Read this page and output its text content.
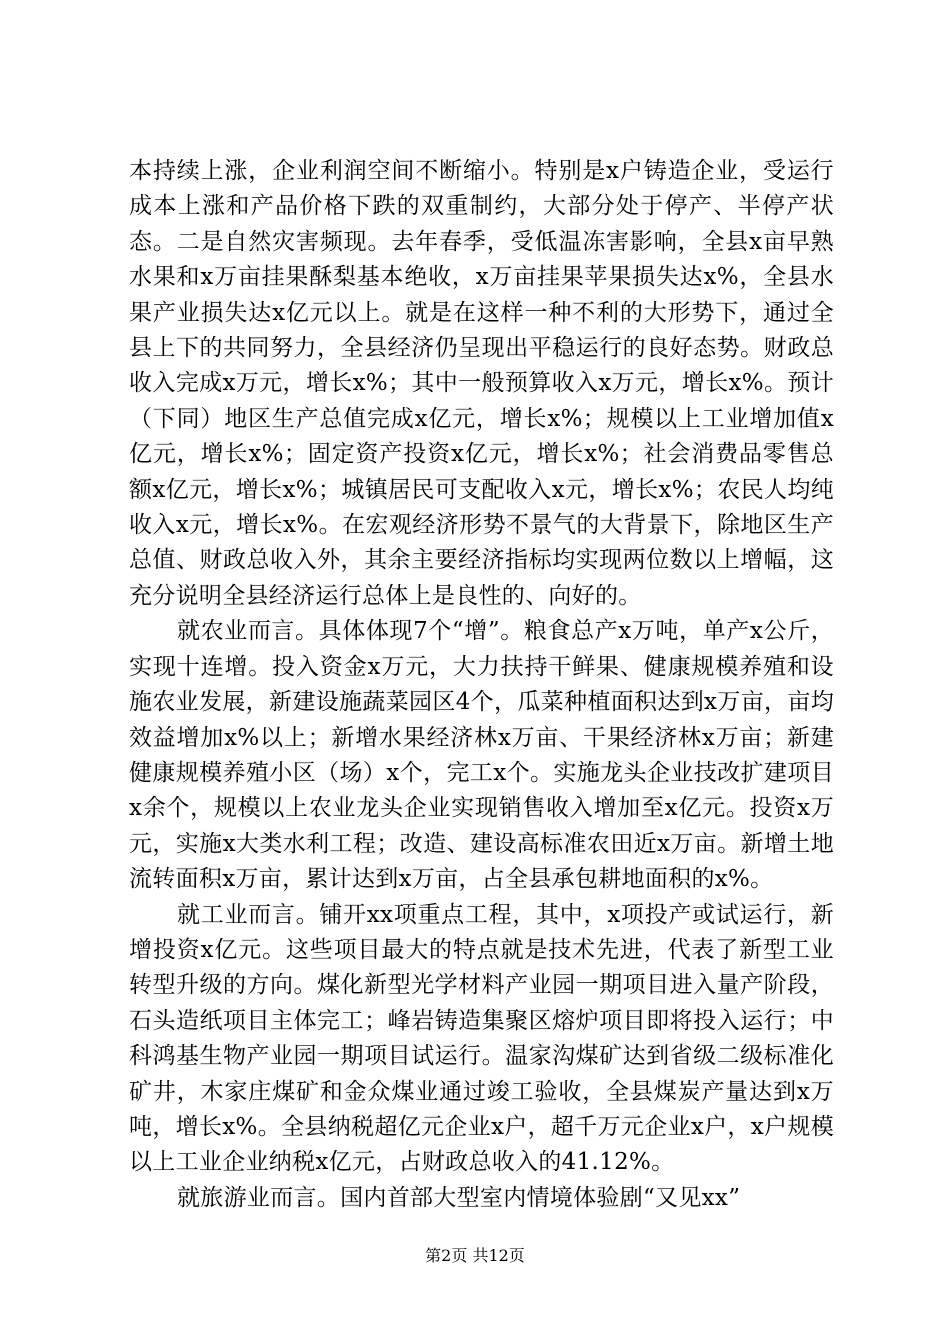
本持续上涨，企业利润空间不断缩小。特别是x户铸造企业，受运行成本上涨和产品价格下跌的双重制约，大部分处于停产、半停产状态。二是自然灾害频现。去年春季，受低温冻害影响，全县x亩早熟水果和x万亩挂果酥梨基本绝收，x万亩挂果苹果损失达x%，全县水果产业损失达x亿元以上。就是在这样一种不利的大形势下，通过全县上下的共同努力，全县经济仍呈现出平稳运行的良好态势。财政总收入完成x万元，增长x%；其中一般预算收入x万元，增长x%。预计（下同）地区生产总值完成x亿元，增长x%；规模以上工业增加值x亿元，增长x%；固定资产投资x亿元，增长x%；社会消费品零售总额x亿元，增长x%；城镇居民可支配收入x元，增长x%；农民人均纯收入x元，增长x%。在宏观经济形势不景气的大背景下，除地区生产总值、财政总收入外，其余主要经济指标均实现两位数以上增幅，这充分说明全县经济运行总体上是良性的、向好的。

就农业而言。具体体现7个“增”。粮食总产x万吨，单产x公斤，实现十连增。投入资金x万元，大力扶持干鲜果、健康规模养殖和设施农业发展，新建设施蔬菜园区4个，瓜菜种植面积达到x万亩，亩均效益增加x%以上；新增水果经济林x万亩、干果经济林x万亩；新建健康规模养殖小区（场）x个，完工x个。实施龙头企业技改扩建项目x余个，规模以上农业龙头企业实现销售收入增加至x亿元。投资x万元，实施x大类水利工程；改造、建设高标准农田近x万亩。新增土地流转面积x万亩，累计达到x万亩，占全县承包耕地面积的x%。

就工业而言。铺开xx项重点工程，其中，x项投产或试运行，新增投资x亿元。这些项目最大的特点就是技术先进，代表了新型工业转型升级的方向。煤化新型光学材料产业园一期项目进入量产阶段，石头造纸项目主体完工；峰岩铸造集聚区熔炉项目即将投入运行；中科鸿基生物产业园一期项目试运行。温家沟煤矿达到省级二级标准化矿井，木家庄煤矿和金众煤业通过竣工验收，全县煤炭产量达到x万吨，增长x%。全县纳税超亿元企业x户，超千万元企业x户，x户规模以上工业企业纳税x亿元，占财政总收入的41.12%。

就旅游业而言。国内首部大型室内情境体验剧“又见xx”

第2页 共12页
